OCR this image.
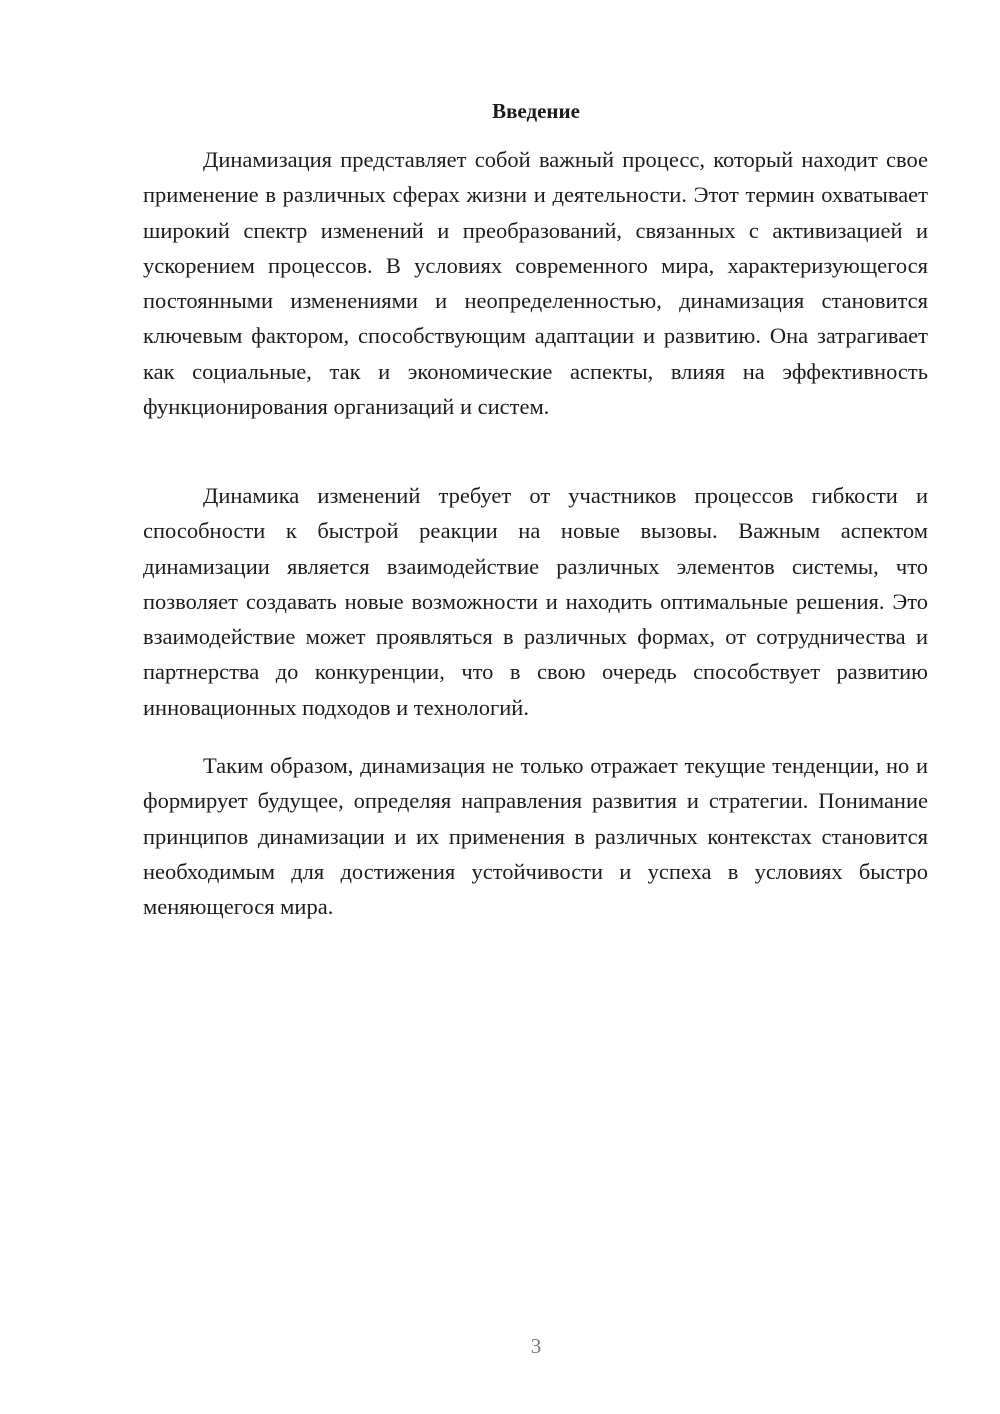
Введение

Динамизация представляет собой важный процесс, который находит свое применение в различных сферах жизни и деятельности. Этот термин охватывает широкий спектр изменений и преобразований, связанных с активизацией и ускорением процессов. В условиях современного мира, характеризующегося постоянными изменениями и неопределенностью, динамизация становится ключевым фактором, способствующим адаптации и развитию. Она затрагивает как социальные, так и экономические аспекты, влияя на эффективность функционирования организаций и систем.

Динамика изменений требует от участников процессов гибкости и способности к быстрой реакции на новые вызовы. Важным аспектом динамизации является взаимодействие различных элементов системы, что позволяет создавать новые возможности и находить оптимальные решения. Это взаимодействие может проявляться в различных формах, от сотрудничества и партнерства до конкуренции, что в свою очередь способствует развитию инновационных подходов и технологий.

Таким образом, динамизация не только отражает текущие тенденции, но и формирует будущее, определяя направления развития и стратегии. Понимание принципов динамизации и их применения в различных контекстах становится необходимым для достижения устойчивости и успеха в условиях быстро меняющегося мира.

3
